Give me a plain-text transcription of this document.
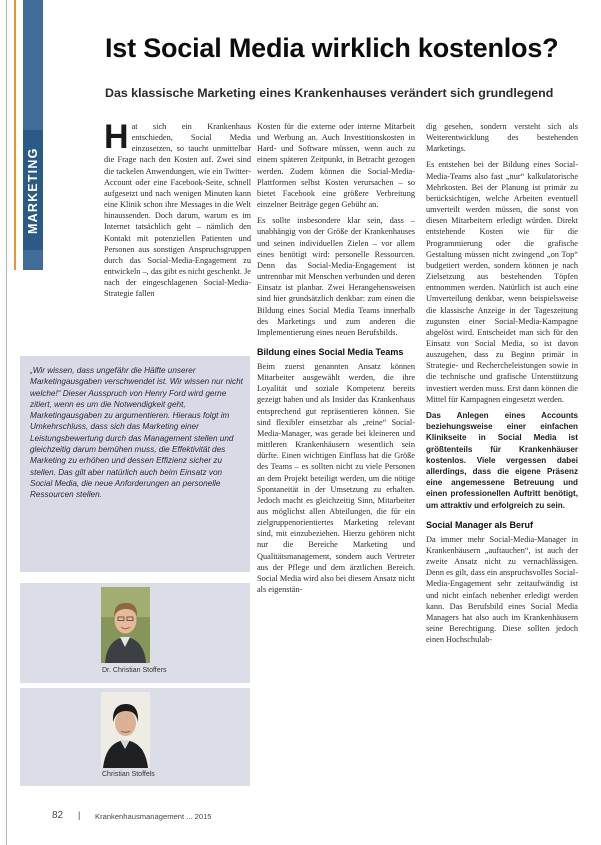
MARKETING
Ist Social Media wirklich kostenlos?
Das klassische Marketing eines Krankenhauses verändert sich grundlegend
H at sich ein Krankenhaus entschieden, Social Media einzusetzen, so taucht unmittelbar die Frage nach den Kosten auf. Zwei sind die tackelen Anwendungen, wie ein Twitter-Account oder eine Facebook-Seite, schnell aufgesetzt und nach wenigen Minuten kann eine Klinik schon ihre Messages in die Welt hinaussenden. Doch darum, warum es im Internet tatsächlich geht – nämlich den Kontakt mit potenziellen Patienten und Personen aus sonstigen Anspruchsgruppen durch das Social-Media-Engagement zu entwickeln –, das gibt es nicht geschenkt. Je nach der eingeschlagenen Social-Media-Strategie fallen

Kosten für die externe oder interne Mitarbeit und Werbung an. Auch Investitionskosten in Hard- und Software müssen, wenn auch zu einem späteren Zeitpunkt, in Betracht gezogen werden. Zudem können die Social-Media-Plattformen selbst Kosten verursachen – so bietet Facebook eine größere Verbreitung einzelner Beiträge gegen Gebühr an.

Es sollte insbesondere klar sein, dass – unabhängig von der Größe der Krankenhauses und seinen individuellen Zielen – vor allem eines benötigt wird: personelle Ressourcen. Denn das Social-Media-Engagement ist untrennbar mit Menschen verbunden und deren Einsatz ist planbar. Zwei Herangehensweisen sind hier grundsätzlich denkbar: zum einen die Bildung eines Social Media Teams innerhalb des Marketings und zum anderen die Implementierung eines neuen Berufsbilds.

Bildung eines Social Media Teams

Beim zuerst genannten Ansatz können Mitarbeiter ausgewählt werden, die ihre Loyalität und soziale Kompetenz bereits gezeigt haben und als Insider das Krankenhaus entsprechend gut repräsentieren können. Sie sind flexibler einsetzbar als „reine“ Social-Media-Manager, was gerade bei kleineren und mittleren Krankenhäusern wesentlich sein dürfte. Einen wichtigen Einfluss hat die Größe des Teams – es sollten nicht zu viele Personen an dem Projekt beteiligt werden, um die nötige Spontaneität in der Umsetzung zu erhalten. Jedoch macht es gleichzeitig Sinn, Mitarbeiter aus möglichst allen Abteilungen, die für ein zielgruppenorientiertes Marketing relevant sind, mit einzubeziehen. Hierzu gehören nicht nur die Bereiche Marketing und Qualitätsmanagement, sondern auch Vertreter aus der Pflege und dem ärztlichen Bereich. Social Media wird also bei diesem Ansatz nicht als eigenstän-

dig gesehen, sondern versteht sich als Weiterentwicklung des bestehenden Marketings.

Es entstehen bei der Bildung eines Social-Media-Teams also fast „nur“ kalkulatorische Mehrkosten. Bei der Planung ist primär zu berücksichtigen, welche Arbeiten eventuell umverteilt werden müssen, die sonst von diesen Mitarbeitern erledigt würden. Direkt entstehende Kosten wie für die Programmierung oder die grafische Gestaltung müssen nicht zwingend „on Top“ budgetiert werden, sondern können je nach Zielsetzung aus bestehenden Töpfen entnommen werden. Natürlich ist auch eine Umverteilung denkbar, wenn beispielsweise die klassische Anzeige in der Tageszeitung zugunsten einer Social-Media-Kampagne abgelöst wird. Entscheidet man sich für den Einsatz von Social Media, so ist davon auszugehen, dass zu Beginn primär in Strategie- und Rechercheleistungen sowie in die technische und grafische Unterstützung investiert werden muss. Erst dann können die Mittel für Kampagnen eingesetzt werden.

Das Anlegen eines Accounts beziehungsweise einer einfachen Klinikseite in Social Media ist größtenteils für Krankenhäuser kostenlos. Viele vergessen dabei allerdings, dass die eigene Präsenz eine angemessene Betreuung und einen professionellen Auftritt benötigt, um attraktiv und erfolgreich zu sein.

Social Manager als Beruf

Da immer mehr Social-Media-Manager in Krankenhäusern „auftauchen“, ist auch der zweite Ansatz nicht zu vernachlässigen. Denn es gilt, dass ein anspruchsvolles Social-Media-Engagement sehr zeitaufwändig ist und nicht einfach nebenher erledigt werden kann. Das Berufsbild eines Social Media Managers hat also auch im Krankenhäusern seine Berechtigung. Diese sollten jedoch einen Hochschulab-

„Wir wissen, dass ungefähr die Hälfte unserer Marketingausgaben verschwendet ist. Wir wissen nur nicht welche!“ Dieser Ausspruch von Henry Ford wird gerne zitiert, wenn es um die Notwendigkeit geht, Marketingausgaben zu argumentieren. Hieraus folgt im Umkehrschluss, dass sich das Marketing einer Leistungsbewertung durch das Management stellen und gleichzeitig darum bemühen muss, die Effektivität des Marketing zu erhöhen und dessen Effizienz sicher zu stellen. Das gilt aber natürlich auch beim Einsatz von Social Media, die neue Anforderungen an personelle Ressourcen stellen.
Dr. Christian Stoffers
Christian Stoffels
82 | Krankenhausmanagement ... 2015
